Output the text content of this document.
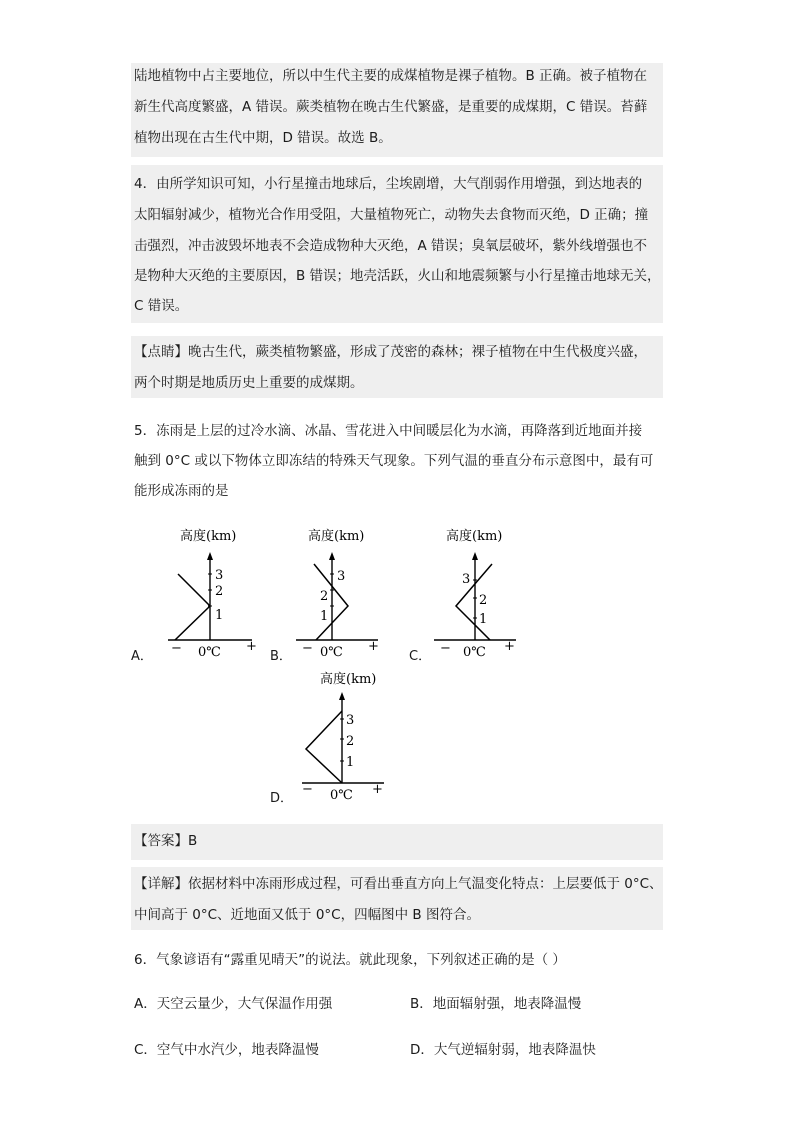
陆地植物中占主要地位，所以中生代主要的成煤植物是裸子植物。B 正确。被子植物在
新生代高度繁盛，A 错误。蕨类植物在晚古生代繁盛，是重要的成煤期，C 错误。苔藓
植物出现在古生代中期，D 错误。故选 B。
4．由所学知识可知，小行星撞击地球后，尘埃剧增，大气削弱作用增强，到达地表的
太阳辐射减少，植物光合作用受阻，大量植物死亡，动物失去食物而灭绝，D 正确；撞
击强烈，冲击波毁坏地表不会造成物种大灭绝，A 错误；臭氧层破坏，紫外线增强也不
是物种大灭绝的主要原因，B 错误；地壳活跃，火山和地震频繁与小行星撞击地球无关，
C 错误。
【点睛】晚古生代，蕨类植物繁盛，形成了茂密的森林；裸子植物在中生代极度兴盛，
两个时期是地质历史上重要的成煤期。
5．冻雨是上层的过冷水滴、冰晶、雪花进入中间暖层化为水滴，再降落到近地面并接
触到 0°C 或以下物体立即冻结的特殊天气现象。下列气温的垂直分布示意图中，最有可
能形成冻雨的是
A．
高度(km)
3
2
1
− 0℃ +
B．
高度(km)
3
2
1
− 0℃ +
C．
高度(km)
3
2
1
− 0℃ +
D．
高度(km)
3
2
1
− 0℃ +
【答案】B
【详解】依据材料中冻雨形成过程，可看出垂直方向上气温变化特点：上层要低于 0°C、
中间高于 0°C、近地面又低于 0°C，四幅图中 B 图符合。
6．气象谚语有“露重见晴天”的说法。就此现象，下列叙述正确的是（ ）
A．天空云量少，大气保温作用强	B．地面辐射强，地表降温慢
C．空气中水汽少，地表降温慢	D．大气逆辐射弱，地表降温快
